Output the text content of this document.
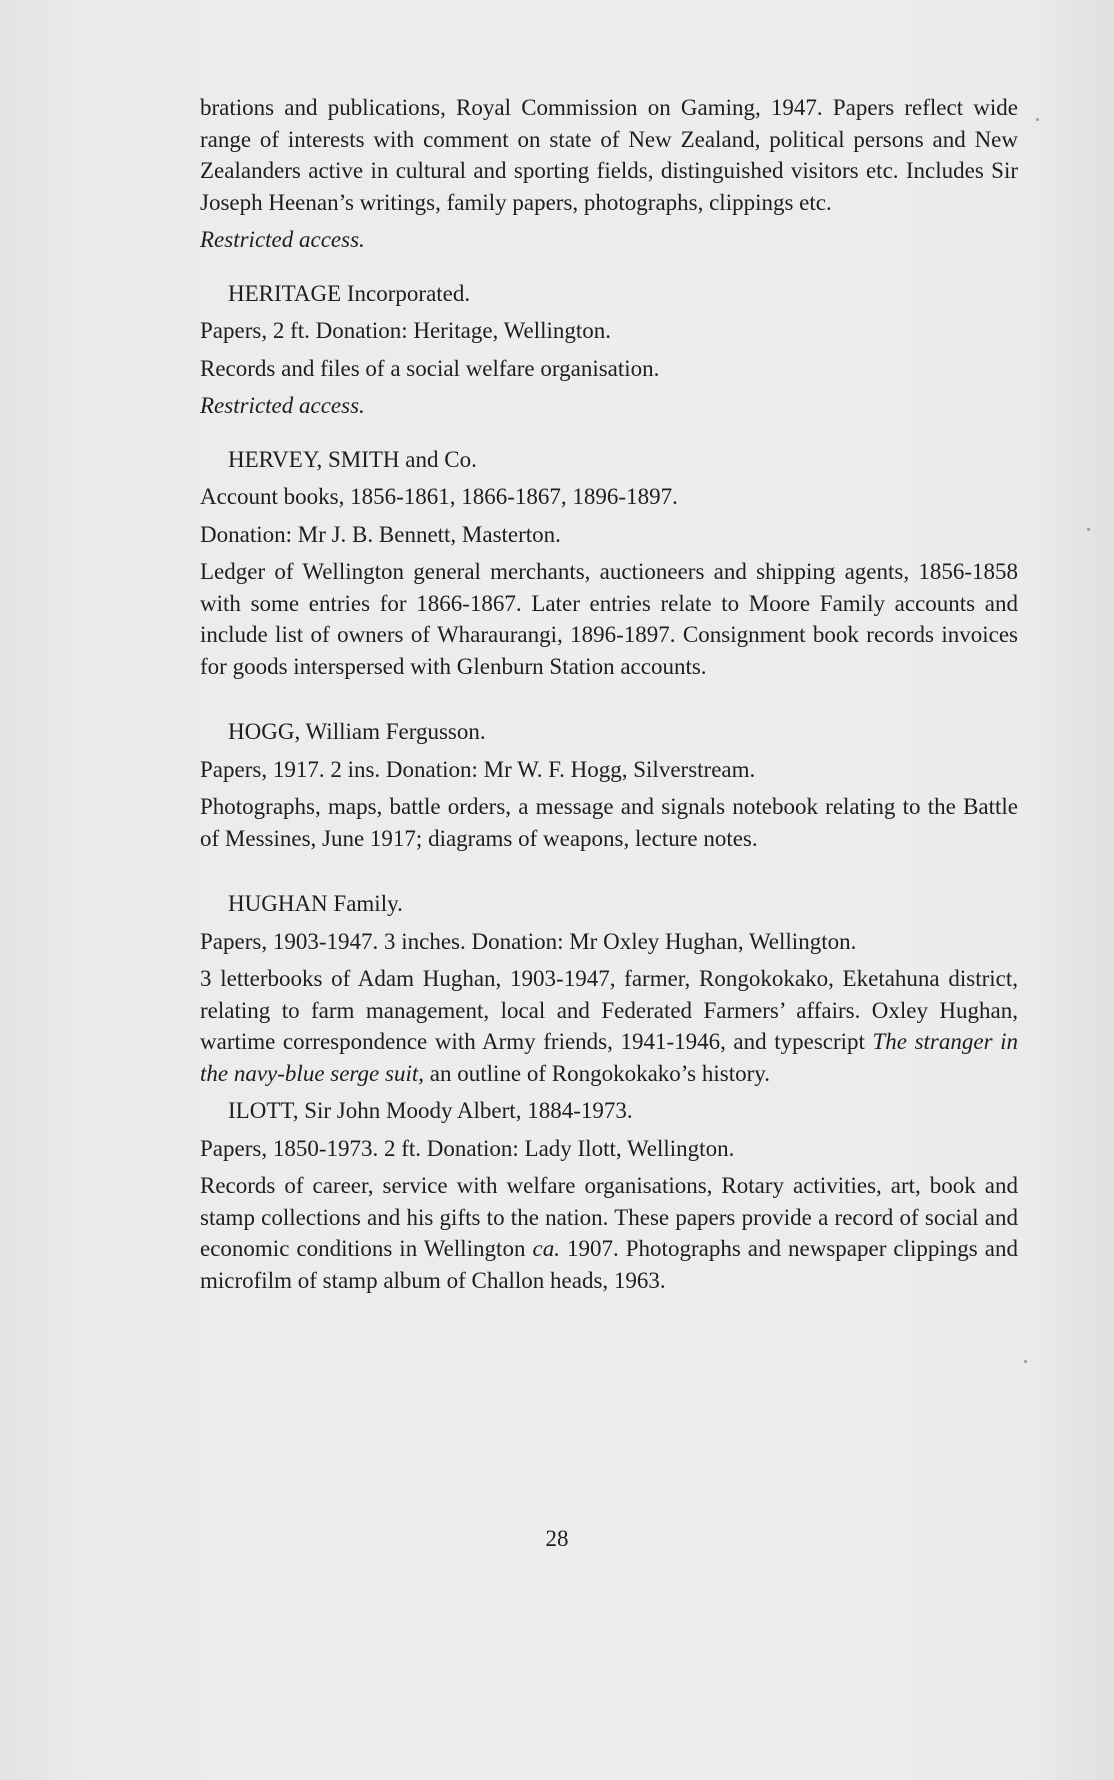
brations and publications, Royal Commission on Gaming, 1947. Papers reflect wide range of interests with comment on state of New Zealand, political persons and New Zealanders active in cultural and sporting fields, distinguished visitors etc. Includes Sir Joseph Heenan’s writings, family papers, photographs, clippings etc.

Restricted access.

HERITAGE Incorporated.

Papers, 2 ft. Donation: Heritage, Wellington.

Records and files of a social welfare organisation.

Restricted access.

HERVEY, SMITH and Co.

Account books, 1856-1861, 1866-1867, 1896-1897.

Donation: Mr J. B. Bennett, Masterton.

Ledger of Wellington general merchants, auctioneers and shipping agents, 1856-1858 with some entries for 1866-1867. Later entries relate to Moore Family accounts and include list of owners of Wharaurangi, 1896-1897. Consignment book records invoices for goods interspersed with Glenburn Station accounts.

HOGG, William Fergusson.

Papers, 1917. 2 ins. Donation: Mr W. F. Hogg, Silverstream.

Photographs, maps, battle orders, a message and signals notebook relating to the Battle of Messines, June 1917; diagrams of weapons, lecture notes.

HUGHAN Family.

Papers, 1903-1947. 3 inches. Donation: Mr Oxley Hughan, Wellington.

3 letterbooks of Adam Hughan, 1903-1947, farmer, Rongokokako, Eketahuna district, relating to farm management, local and Federated Farmers’ affairs. Oxley Hughan, wartime correspondence with Army friends, 1941-1946, and typescript The stranger in the navy-blue serge suit, an outline of Rongokokako’s history.

ILOTT, Sir John Moody Albert, 1884-1973.

Papers, 1850-1973. 2 ft. Donation: Lady Ilott, Wellington.

Records of career, service with welfare organisations, Rotary activities, art, book and stamp collections and his gifts to the nation. These papers provide a record of social and economic conditions in Wellington ca. 1907. Photographs and newspaper clippings and microfilm of stamp album of Challon heads, 1963.

28
